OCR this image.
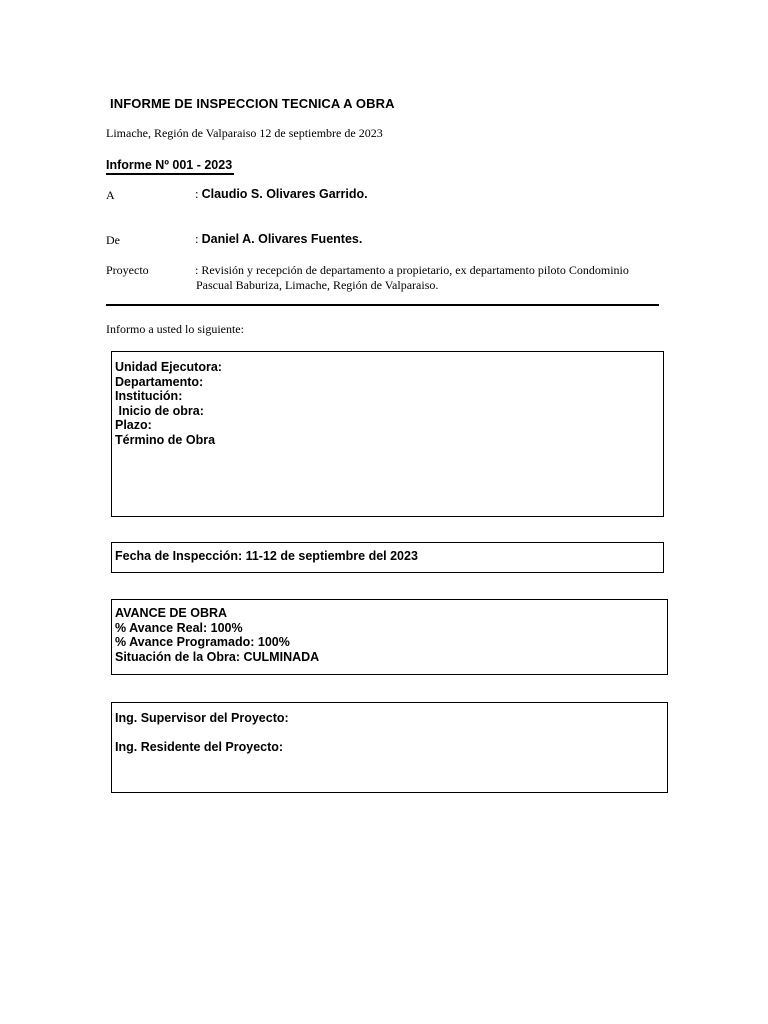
INFORME DE INSPECCION TECNICA A OBRA
Limache, Región de Valparaiso 12 de septiembre de 2023
Informe Nº 001 - 2023
A	: Claudio S. Olivares Garrido.
De	: Daniel A. Olivares Fuentes.
Proyecto	: Revisión y recepción de departamento a propietario, ex departamento piloto Condominio
Pascual Baburiza, Limache, Región de Valparaiso.
Informo a usted lo siguiente:
Unidad Ejecutora:
Departamento:
Institución:
Inicio de obra:
Plazo:
Término de Obra
Fecha de Inspección: 11-12 de septiembre del 2023
AVANCE DE OBRA
% Avance Real: 100%
% Avance Programado: 100%
Situación de la Obra: CULMINADA
Ing. Supervisor del Proyecto:
Ing. Residente del Proyecto:
